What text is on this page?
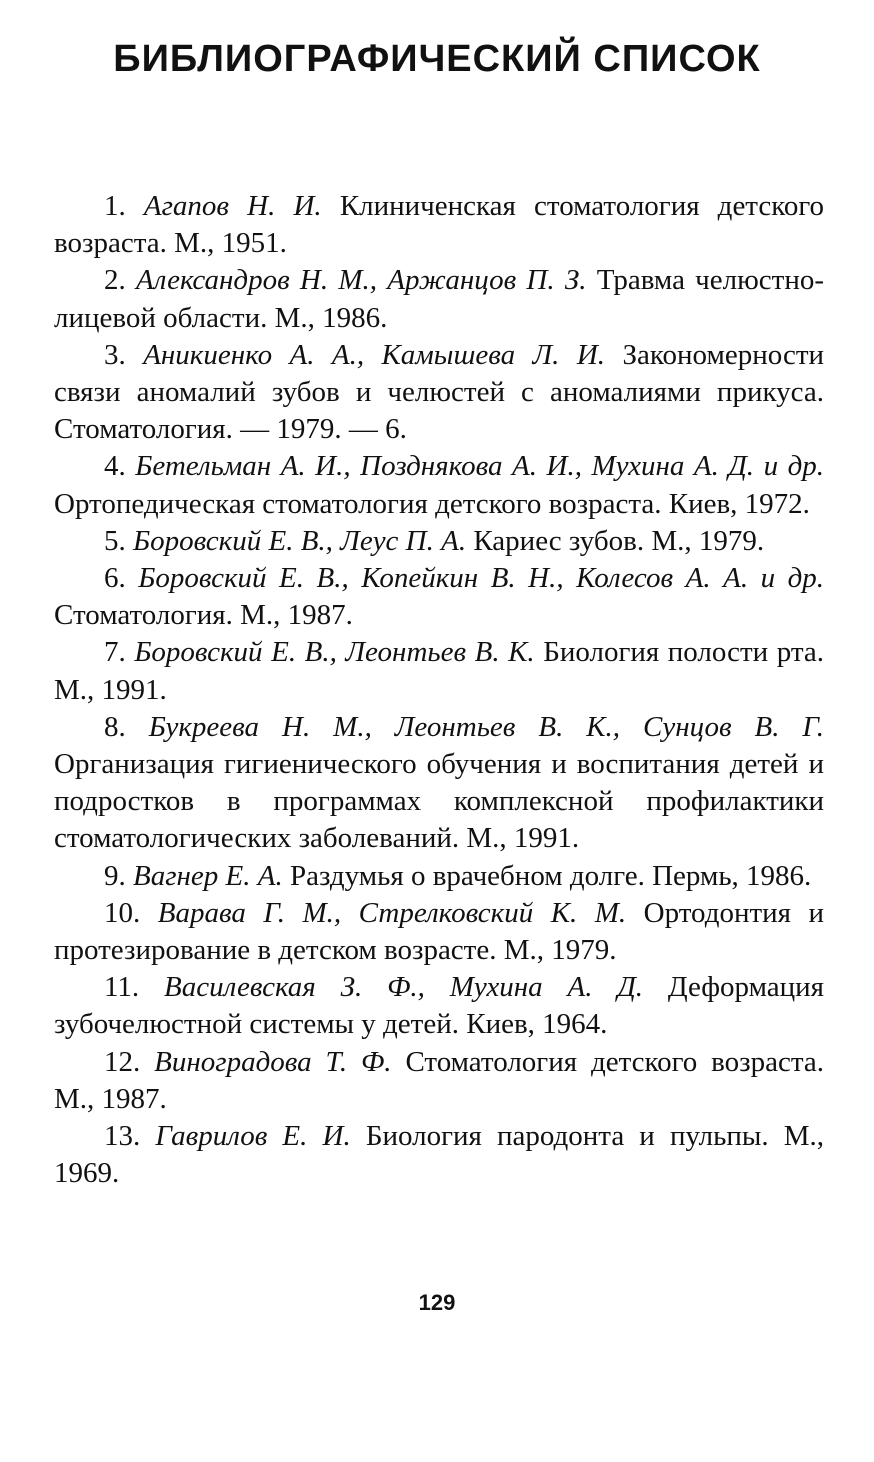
БИБЛИОГРАФИЧЕСКИЙ СПИСОК
1. Агапов Н. И. Клиниченская стоматология детского возраста. М., 1951.
2. Александров Н. М., Аржанцов П. З. Травма челюстно-лицевой области. М., 1986.
3. Аникиенко А. А., Камышева Л. И. Закономерности связи аномалий зубов и челюстей с аномалиями прикуса. Стоматология. — 1979. — 6.
4. Бетельман А. И., Позднякова А. И., Мухина А. Д. и др. Ортопедическая стоматология детского возраста. Киев, 1972.
5. Боровский Е. В., Леус П. А. Кариес зубов. М., 1979.
6. Боровский Е. В., Копейкин В. Н., Колесов А. А. и др. Стоматология. М., 1987.
7. Боровский Е. В., Леонтьев В. К. Биология полости рта. М., 1991.
8. Букреева Н. М., Леонтьев В. К., Сунцов В. Г. Организация гигиенического обучения и воспитания детей и подростков в программах комплексной профилактики стоматологических заболеваний. М., 1991.
9. Вагнер Е. А. Раздумья о врачебном долге. Пермь, 1986.
10. Варава Г. М., Стрелковский К. М. Ортодонтия и протезирование в детском возрасте. М., 1979.
11. Василевская З. Ф., Мухина А. Д. Деформация зубочелюстной системы у детей. Киев, 1964.
12. Виноградова Т. Ф. Стоматология детского возраста. М., 1987.
13. Гаврилов Е. И. Биология пародонта и пульпы. М., 1969.
129
